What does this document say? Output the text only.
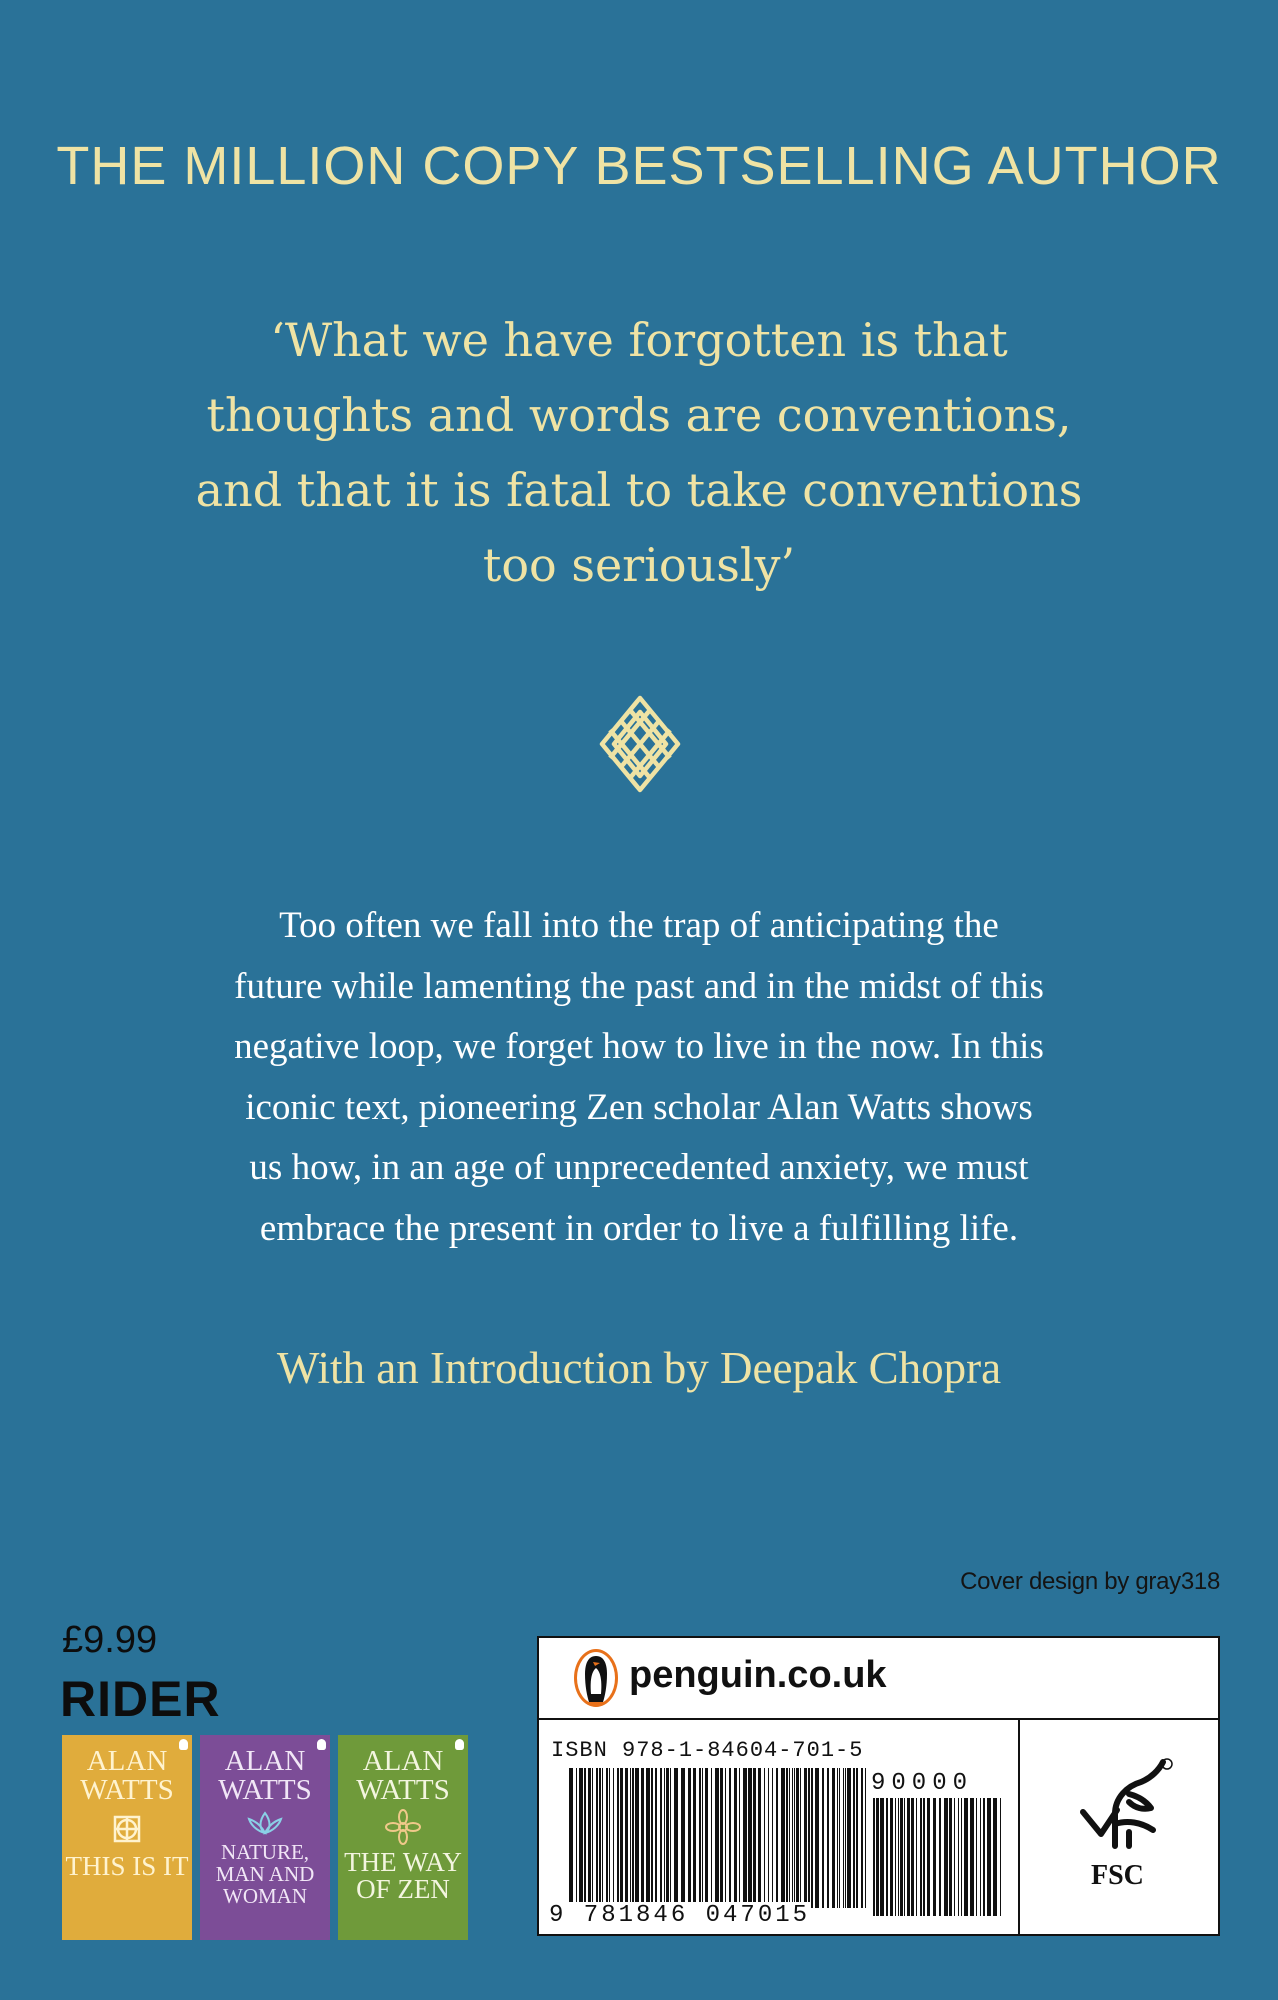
THE MILLION COPY BESTSELLING AUTHOR
‘What we have forgotten is that
thoughts and words are conventions,
and that it is fatal to take conventions
too seriously’
Too often we fall into the trap of anticipating the
future while lamenting the past and in the midst of this
negative loop, we forget how to live in the now. In this
iconic text, pioneering Zen scholar Alan Watts shows
us how, in an age of unprecedented anxiety, we must
embrace the present in order to live a fulfilling life.
With an Introduction by Deepak Chopra
Cover design by gray318
£9.99
RIDER
ALAN WATTS
THIS IS IT
ALAN WATTS
NATURE, MAN AND WOMAN
ALAN WATTS
THE WAY OF ZEN
penguin.co.uk
ISBN 978-1-84604-701-5
9 781846 047015
90000
FSC
